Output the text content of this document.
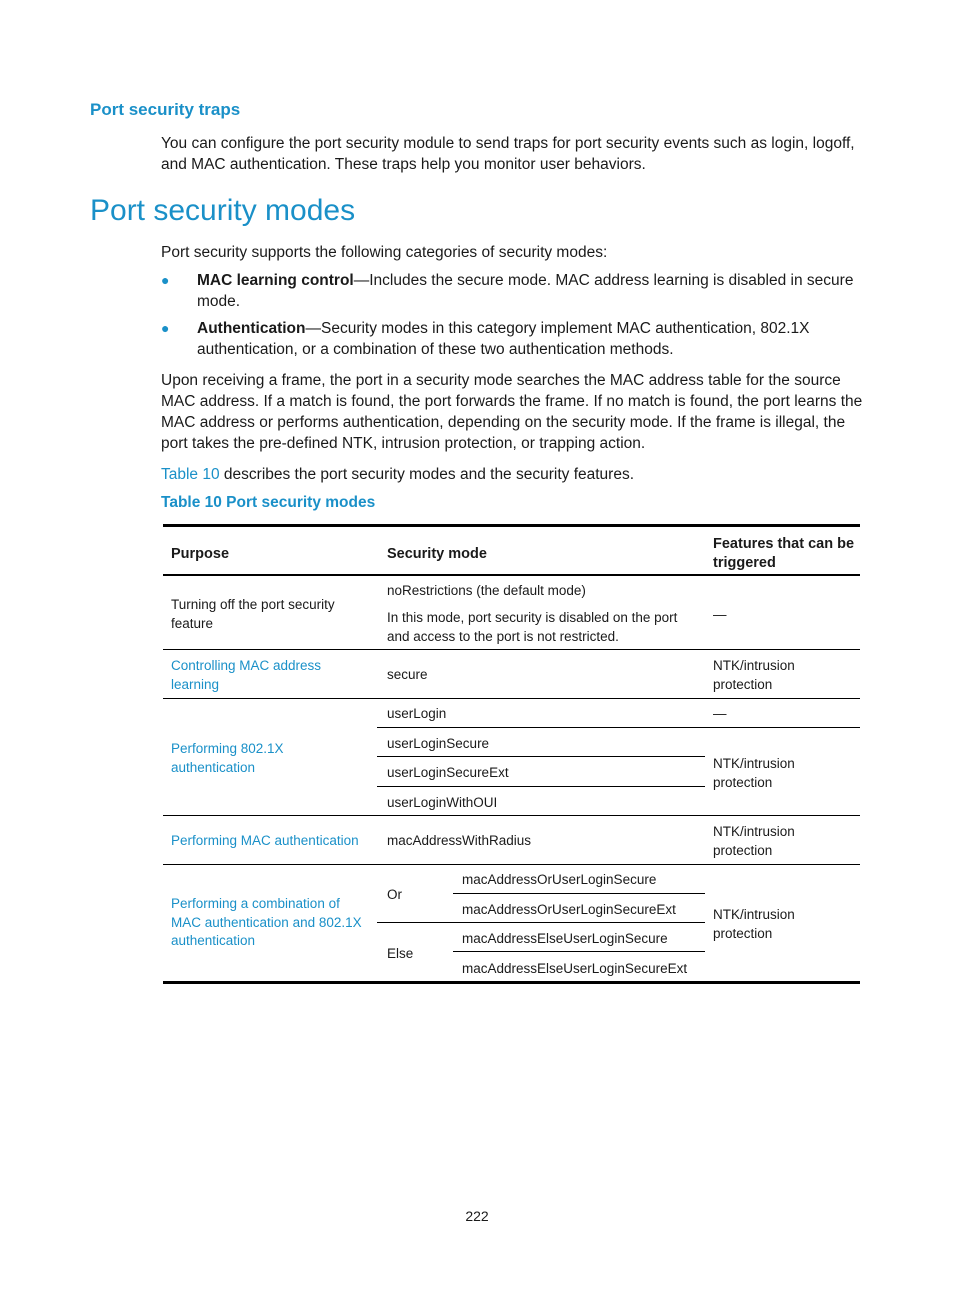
Port security traps

You can configure the port security module to send traps for port security events such as login, logoff, and MAC authentication. These traps help you monitor user behaviors.

Port security modes

Port security supports the following categories of security modes:

● MAC learning control—Includes the secure mode. MAC address learning is disabled in secure mode.
● Authentication—Security modes in this category implement MAC authentication, 802.1X authentication, or a combination of these two authentication methods.

Upon receiving a frame, the port in a security mode searches the MAC address table for the source MAC address. If a match is found, the port forwards the frame. If no match is found, the port learns the MAC address or performs authentication, depending on the security mode. If the frame is illegal, the port takes the pre-defined NTK, intrusion protection, or trapping action.

Table 10 describes the port security modes and the security features.

Table 10 Port security modes

Purpose	Security mode
Features that can be triggered
Turning off the port security feature
noRestrictions (the default mode)
In this mode, port security is disabled on the port and access to the port is not restricted.
—
Controlling MAC address learning
secure
NTK/intrusion protection
Performing 802.1X authentication
userLogin
userLoginSecure
userLoginSecureExt
userLoginWithOUI
—
NTK/intrusion protection
Performing MAC authentication	macAddressWithRadius
NTK/intrusion protection
Performing a combination of MAC authentication and 802.1X authentication
Or
Else
macAddressOrUserLoginSecure
macAddressOrUserLoginSecureExt
macAddressElseUserLoginSecure
macAddressElseUserLoginSecureExt
NTK/intrusion protection
222
